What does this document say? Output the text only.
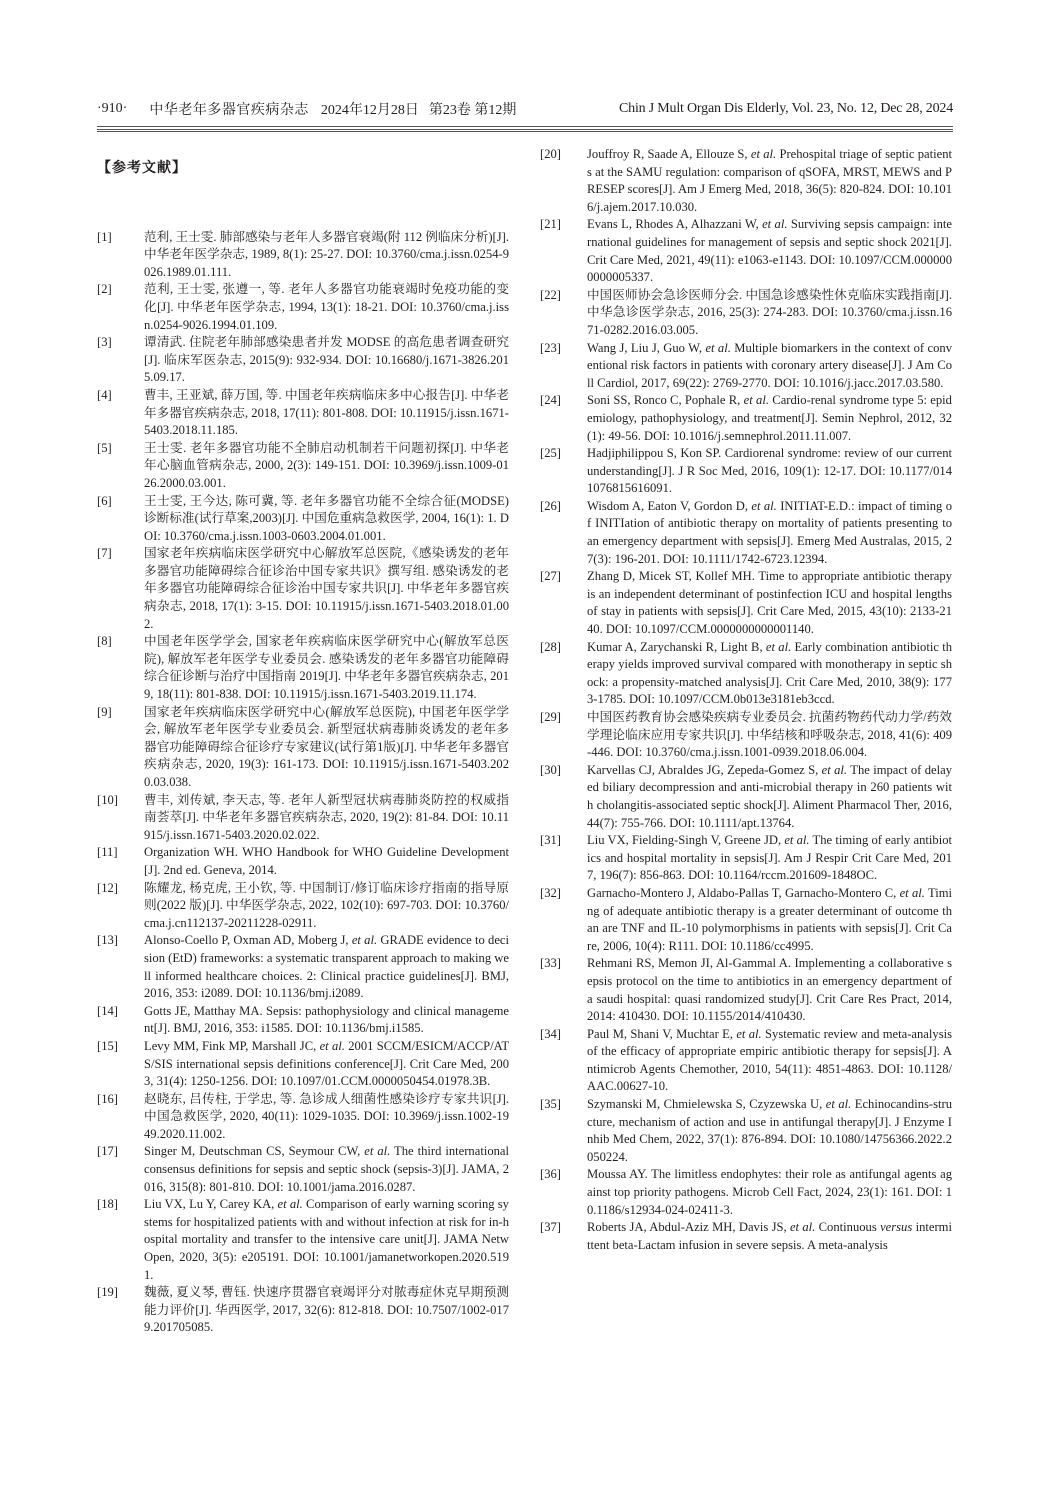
·910· 中华老年多器官疾病杂志 2024年12月28日 第23卷 第12期	Chin J Mult Organ Dis Elderly, Vol. 23, No. 12, Dec 28, 2024
【参考文献】
[1]	范利, 王士雯. 肺部感染与老年人多器官衰竭(附 112 例临床分析)[J]. 中华老年医学杂志, 1989, 8(1): 25-27. DOI: 10.3760/cma.j.issn.0254-9026.1989.01.111.
[2]	范利, 王士雯, 张遵一, 等. 老年人多器官功能衰竭时免疫功能的变化[J]. 中华老年医学杂志, 1994, 13(1): 18-21. DOI: 10.3760/cma.j.issn.0254-9026.1994.01.109.
[3]	谭清武. 住院老年肺部感染患者并发 MODSE 的高危患者调查研究[J]. 临床军医杂志, 2015(9): 932-934. DOI: 10.16680/j.1671-3826.2015.09.17.
[4]	曹丰, 王亚斌, 薛万国, 等. 中国老年疾病临床多中心报告[J]. 中华老年多器官疾病杂志, 2018, 17(11): 801-808. DOI: 10.11915/j.issn.1671-5403.2018.11.185.
[5]	王士雯. 老年多器官功能不全肺启动机制若干问题初探[J]. 中华老年心脑血管病杂志, 2000, 2(3): 149-151. DOI: 10.3969/j.issn.1009-0126.2000.03.001.
[6]	王士雯, 王今达, 陈可冀, 等. 老年多器官功能不全综合征(MODSE)诊断标准(试行草案,2003)[J]. 中国危重病急救医学, 2004, 16(1): 1. DOI: 10.3760/cma.j.issn.1003-0603.2004.01.001.
[7]	国家老年疾病临床医学研究中心解放军总医院,《感染诱发的老年多器官功能障碍综合征诊治中国专家共识》撰写组. 感染诱发的老年多器官功能障碍综合征诊治中国专家共识[J]. 中华老年多器官疾病杂志, 2018, 17(1): 3-15. DOI: 10.11915/j.issn.1671-5403.2018.01.002.
[8]	中国老年医学学会, 国家老年疾病临床医学研究中心(解放军总医院), 解放军老年医学专业委员会. 感染诱发的老年多器官功能障碍综合征诊断与治疗中国指南 2019[J]. 中华老年多器官疾病杂志, 2019, 18(11): 801-838. DOI: 10.11915/j.issn.1671-5403.2019.11.174.
[9]	国家老年疾病临床医学研究中心(解放军总医院), 中国老年医学学会, 解放军老年医学专业委员会. 新型冠状病毒肺炎诱发的老年多器官功能障碍综合征诊疗专家建议(试行第1版)[J]. 中华老年多器官疾病杂志, 2020, 19(3): 161-173. DOI: 10.11915/j.issn.1671-5403.2020.03.038.
[10]	曹丰, 刘传斌, 李天志, 等. 老年人新型冠状病毒肺炎防控的权威指南荟萃[J]. 中华老年多器官疾病杂志, 2020, 19(2): 81-84. DOI: 10.11915/j.issn.1671-5403.2020.02.022.
[11]	Organization WH. WHO Handbook for WHO Guideline Development[J]. 2nd ed. Geneva, 2014.
[12]	陈耀龙, 杨克虎, 王小钦, 等. 中国制订/修订临床诊疗指南的指导原则(2022 版)[J]. 中华医学杂志, 2022, 102(10): 697-703. DOI: 10.3760/cma.j.cn112137-20211228-02911.
[13]	Alonso-Coello P, Oxman AD, Moberg J, et al. GRADE evidence to decision (EtD) frameworks: a systematic transparent approach to making well informed healthcare choices. 2: Clinical practice guidelines[J]. BMJ, 2016, 353: i2089. DOI: 10.1136/bmj.i2089.
[14]	Gotts JE, Matthay MA. Sepsis: pathophysiology and clinical management[J]. BMJ, 2016, 353: i1585. DOI: 10.1136/bmj.i1585.
[15]	Levy MM, Fink MP, Marshall JC, et al. 2001 SCCM/ESICM/ACCP/ATS/SIS international sepsis definitions conference[J]. Crit Care Med, 2003, 31(4): 1250-1256. DOI: 10.1097/01.CCM.0000050454.01978.3B.
[16]	赵晓东, 吕传柱, 于学忠, 等. 急诊成人细菌性感染诊疗专家共识[J]. 中国急救医学, 2020, 40(11): 1029-1035. DOI: 10.3969/j.issn.1002-1949.2020.11.002.
[17]	Singer M, Deutschman CS, Seymour CW, et al. The third international consensus definitions for sepsis and septic shock (sepsis-3)[J]. JAMA, 2016, 315(8): 801-810. DOI: 10.1001/jama.2016.0287.
[18]	Liu VX, Lu Y, Carey KA, et al. Comparison of early warning scoring systems for hospitalized patients with and without infection at risk for in-hospital mortality and transfer to the intensive care unit[J]. JAMA Netw Open, 2020, 3(5): e205191. DOI: 10.1001/jamanetworkopen.2020.5191.
[19]	魏薇, 夏义琴, 曹钰. 快速序贯器官衰竭评分对脓毒症休克早期预测能力评价[J]. 华西医学, 2017, 32(6): 812-818. DOI: 10.7507/1002-0179.201705085.
[20]	Jouffroy R, Saade A, Ellouze S, et al. Prehospital triage of septic patients at the SAMU regulation: comparison of qSOFA, MRST, MEWS and PRESEP scores[J]. Am J Emerg Med, 2018, 36(5): 820-824. DOI: 10.1016/j.ajem.2017.10.030.
[21]	Evans L, Rhodes A, Alhazzani W, et al. Surviving sepsis campaign: international guidelines for management of sepsis and septic shock 2021[J]. Crit Care Med, 2021, 49(11): e1063-e1143. DOI: 10.1097/CCM.0000000000005337.
[22]	中国医师协会急诊医师分会. 中国急诊感染性休克临床实践指南[J]. 中华急诊医学杂志, 2016, 25(3): 274-283. DOI: 10.3760/cma.j.issn.1671-0282.2016.03.005.
[23]	Wang J, Liu J, Guo W, et al. Multiple biomarkers in the context of conventional risk factors in patients with coronary artery disease[J]. J Am Coll Cardiol, 2017, 69(22): 2769-2770. DOI: 10.1016/j.jacc.2017.03.580.
[24]	Soni SS, Ronco C, Pophale R, et al. Cardio-renal syndrome type 5: epidemiology, pathophysiology, and treatment[J]. Semin Nephrol, 2012, 32(1): 49-56. DOI: 10.1016/j.semnephrol.2011.11.007.
[25]	Hadjiphilippou S, Kon SP. Cardiorenal syndrome: review of our current understanding[J]. J R Soc Med, 2016, 109(1): 12-17. DOI: 10.1177/0141076815616091.
[26]	Wisdom A, Eaton V, Gordon D, et al. INITIAT-E.D.: impact of timing of INITIation of antibiotic therapy on mortality of patients presenting to an emergency department with sepsis[J]. Emerg Med Australas, 2015, 27(3): 196-201. DOI: 10.1111/1742-6723.12394.
[27]	Zhang D, Micek ST, Kollef MH. Time to appropriate antibiotic therapy is an independent determinant of postinfection ICU and hospital lengths of stay in patients with sepsis[J]. Crit Care Med, 2015, 43(10): 2133-2140. DOI: 10.1097/CCM.0000000000001140.
[28]	Kumar A, Zarychanski R, Light B, et al. Early combination antibiotic therapy yields improved survival compared with monotherapy in septic shock: a propensity-matched analysis[J]. Crit Care Med, 2010, 38(9): 1773-1785. DOI: 10.1097/CCM.0b013e3181eb3ccd.
[29]	中国医药教育协会感染疾病专业委员会. 抗菌药物药代动力学/药效学理论临床应用专家共识[J]. 中华结核和呼吸杂志, 2018, 41(6): 409-446. DOI: 10.3760/cma.j.issn.1001-0939.2018.06.004.
[30]	Karvellas CJ, Abraldes JG, Zepeda-Gomez S, et al. The impact of delayed biliary decompression and anti-microbial therapy in 260 patients with cholangitis-associated septic shock[J]. Aliment Pharmacol Ther, 2016, 44(7): 755-766. DOI: 10.1111/apt.13764.
[31]	Liu VX, Fielding-Singh V, Greene JD, et al. The timing of early antibiotics and hospital mortality in sepsis[J]. Am J Respir Crit Care Med, 2017, 196(7): 856-863. DOI: 10.1164/rccm.201609-1848OC.
[32]	Garnacho-Montero J, Aldabo-Pallas T, Garnacho-Montero C, et al. Timing of adequate antibiotic therapy is a greater determinant of outcome than are TNF and IL-10 polymorphisms in patients with sepsis[J]. Crit Care, 2006, 10(4): R111. DOI: 10.1186/cc4995.
[33]	Rehmani RS, Memon JI, Al-Gammal A. Implementing a collaborative sepsis protocol on the time to antibiotics in an emergency department of a saudi hospital: quasi randomized study[J]. Crit Care Res Pract, 2014, 2014: 410430. DOI: 10.1155/2014/410430.
[34]	Paul M, Shani V, Muchtar E, et al. Systematic review and meta-analysis of the efficacy of appropriate empiric antibiotic therapy for sepsis[J]. Antimicrob Agents Chemother, 2010, 54(11): 4851-4863. DOI: 10.1128/AAC.00627-10.
[35]	Szymanski M, Chmielewska S, Czyzewska U, et al. Echinocandins-structure, mechanism of action and use in antifungal therapy[J]. J Enzyme Inhib Med Chem, 2022, 37(1): 876-894. DOI: 10.1080/14756366.2022.2050224.
[36]	Moussa AY. The limitless endophytes: their role as antifungal agents against top priority pathogens. Microb Cell Fact, 2024, 23(1): 161. DOI: 10.1186/s12934-024-02411-3.
[37]	Roberts JA, Abdul-Aziz MH, Davis JS, et al. Continuous versus intermittent beta-Lactam infusion in severe sepsis. A meta-analysis
